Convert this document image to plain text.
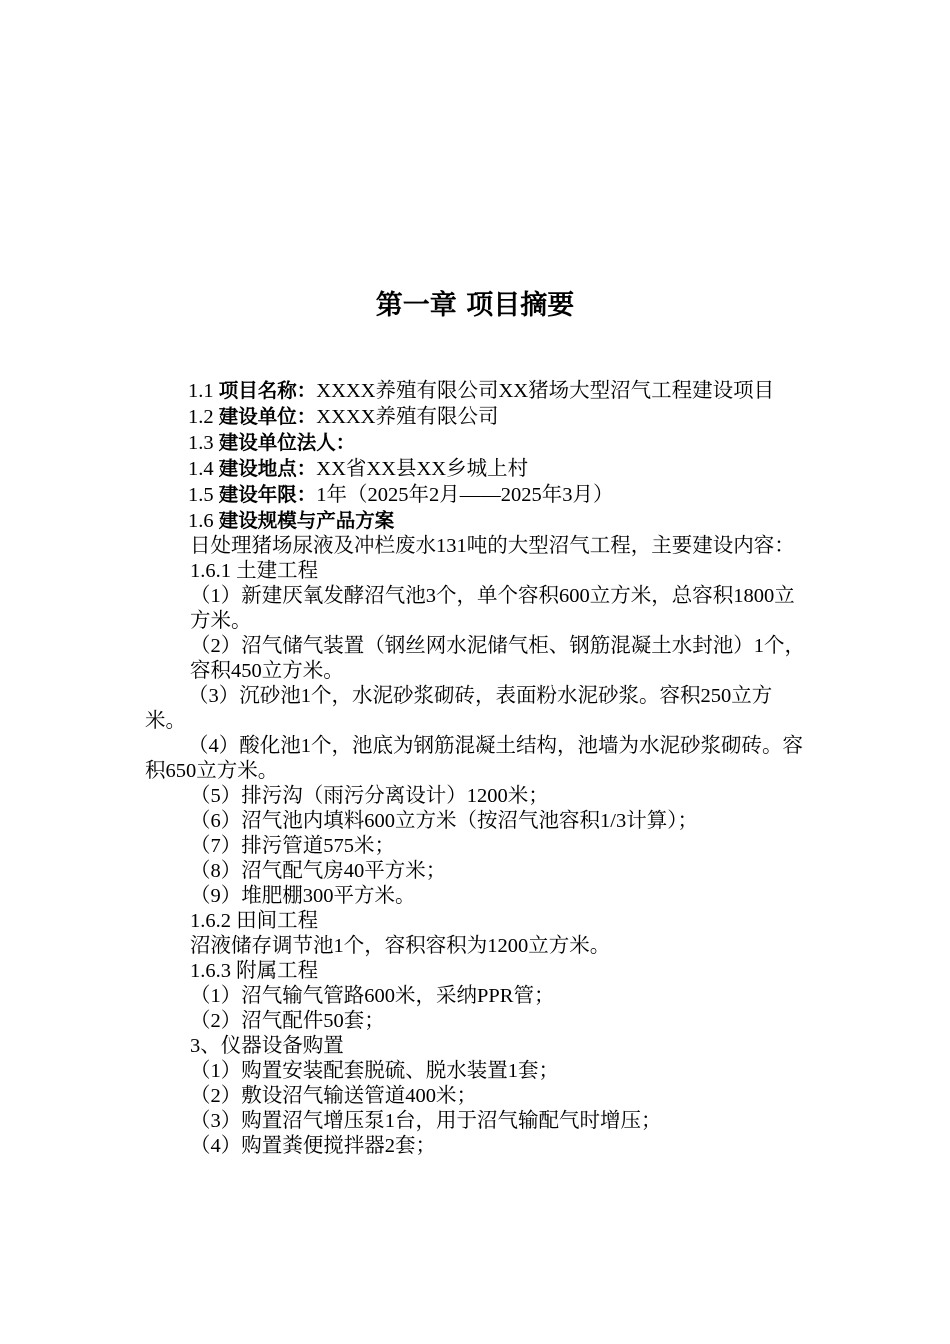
第一章 项目摘要

1.1 项目名称：XXXX养殖有限公司XX猪场大型沼气工程建设项目

1.2 建设单位：XXXX养殖有限公司

1.3 建设单位法人：

1.4 建设地点：XX省XX县XX乡城上村

1.5 建设年限：1年（2025年2月——2025年3月）

1.6 建设规模与产品方案

日处理猪场尿液及冲栏废水131吨的大型沼气工程，主要建设内容：

1.6.1 土建工程

（1）新建厌氧发酵沼气池3个，单个容积600立方米，总容积1800立方米。

（2）沼气储气装置（钢丝网水泥储气柜、钢筋混凝土水封池）1个，容积450立方米。

（3）沉砂池1个，水泥砂浆砌砖，表面粉水泥砂浆。容积250立方米。

（4）酸化池1个，池底为钢筋混凝土结构，池墙为水泥砂浆砌砖。容积650立方米。

（5）排污沟（雨污分离设计）1200米；

（6）沼气池内填料600立方米（按沼气池容积1/3计算）；

（7）排污管道575米；

（8）沼气配气房40平方米；

（9）堆肥棚300平方米。

1.6.2 田间工程

沼液储存调节池1个，容积容积为1200立方米。

1.6.3 附属工程

（1）沼气输气管路600米，采纳PPR管；

（2）沼气配件50套；

3、仪器设备购置

（1）购置安装配套脱硫、脱水装置1套；

（2）敷设沼气输送管道400米；

（3）购置沼气增压泵1台，用于沼气输配气时增压；

（4）购置粪便搅拌器2套；
